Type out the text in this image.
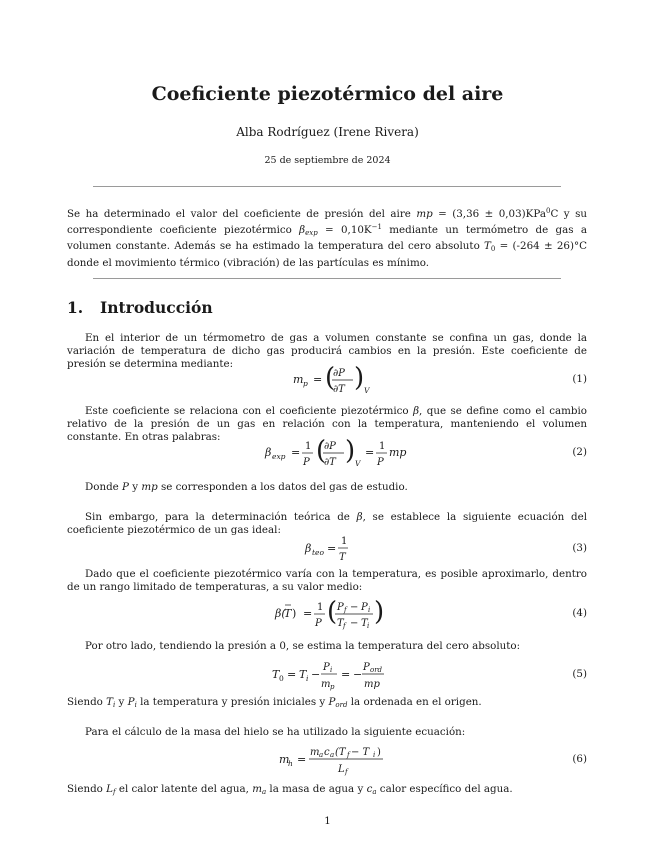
Coeficiente piezotérmico del aire
Alba Rodríguez (Irene Rivera)
25 de septiembre de 2024
Se ha determinado el valor del coeficiente de presión del aire mp = (3,36 ± 0,03)KPa$^0$C y su correspondiente coeficiente piezotérmico $\beta_{exp} = 0,10K^{-1}$ mediante un termómetro de gas a volumen constante. Además se ha estimado la temperatura del cero absoluto $T_0 = (-264 \pm 26)^\circ C$ donde el movimiento térmico (vibración) de las partículas es mínimo.
1. Introducción
En el interior de un térmometro de gas a volumen constante se confina un gas, donde la variación de temperatura de dicho gas producirá cambios en la presión. Este coeficiente de presión se determina mediante:
m p = (
∂P
∂T ) V
(1)
Este coeficiente se relaciona con el coeficiente piezotérmico β, que se define como el cambio relativo de la presión de un gas en relación con la temperatura, manteniendo el volumen constante. En otras palabras:
β exp = 1
P (
∂P
∂T ) V
= 1
P
mp	(2)
Donde P y mp se corresponden a los datos del gas de estudio.
Sin embargo, para la determinación teórica de β, se establece la siguiente ecuación del coeficiente piezotérmico de un gas ideal:
β teo =
1
T
(3)
Dado que el coeficiente piezotérmico varía con la temperatura, es posible aproximarlo, dentro de un rango limitado de temperaturas, a su valor medio:
β(
T ) = 1
P ( P f − P i
T f − T i )	(4)
Por otro lado, tendiendo la presión a 0, se estima la temperatura del cero absoluto:
T 0 = T i −
P i
m p
= −
P ord
mp
(5)
Siendo $T_i$ y $P_i$ la temperatura y presión iniciales y $P_{ord}$ la ordenada en el origen.
Para el cálculo de la masa del hielo se ha utilizado la siguiente ecuación:
m
h =
m a c a (T f − T i )
L f
(6)
Siendo $L_f$ el calor latente del agua, $m_a$ la masa de agua y $c_a$ calor específico del agua.
1
